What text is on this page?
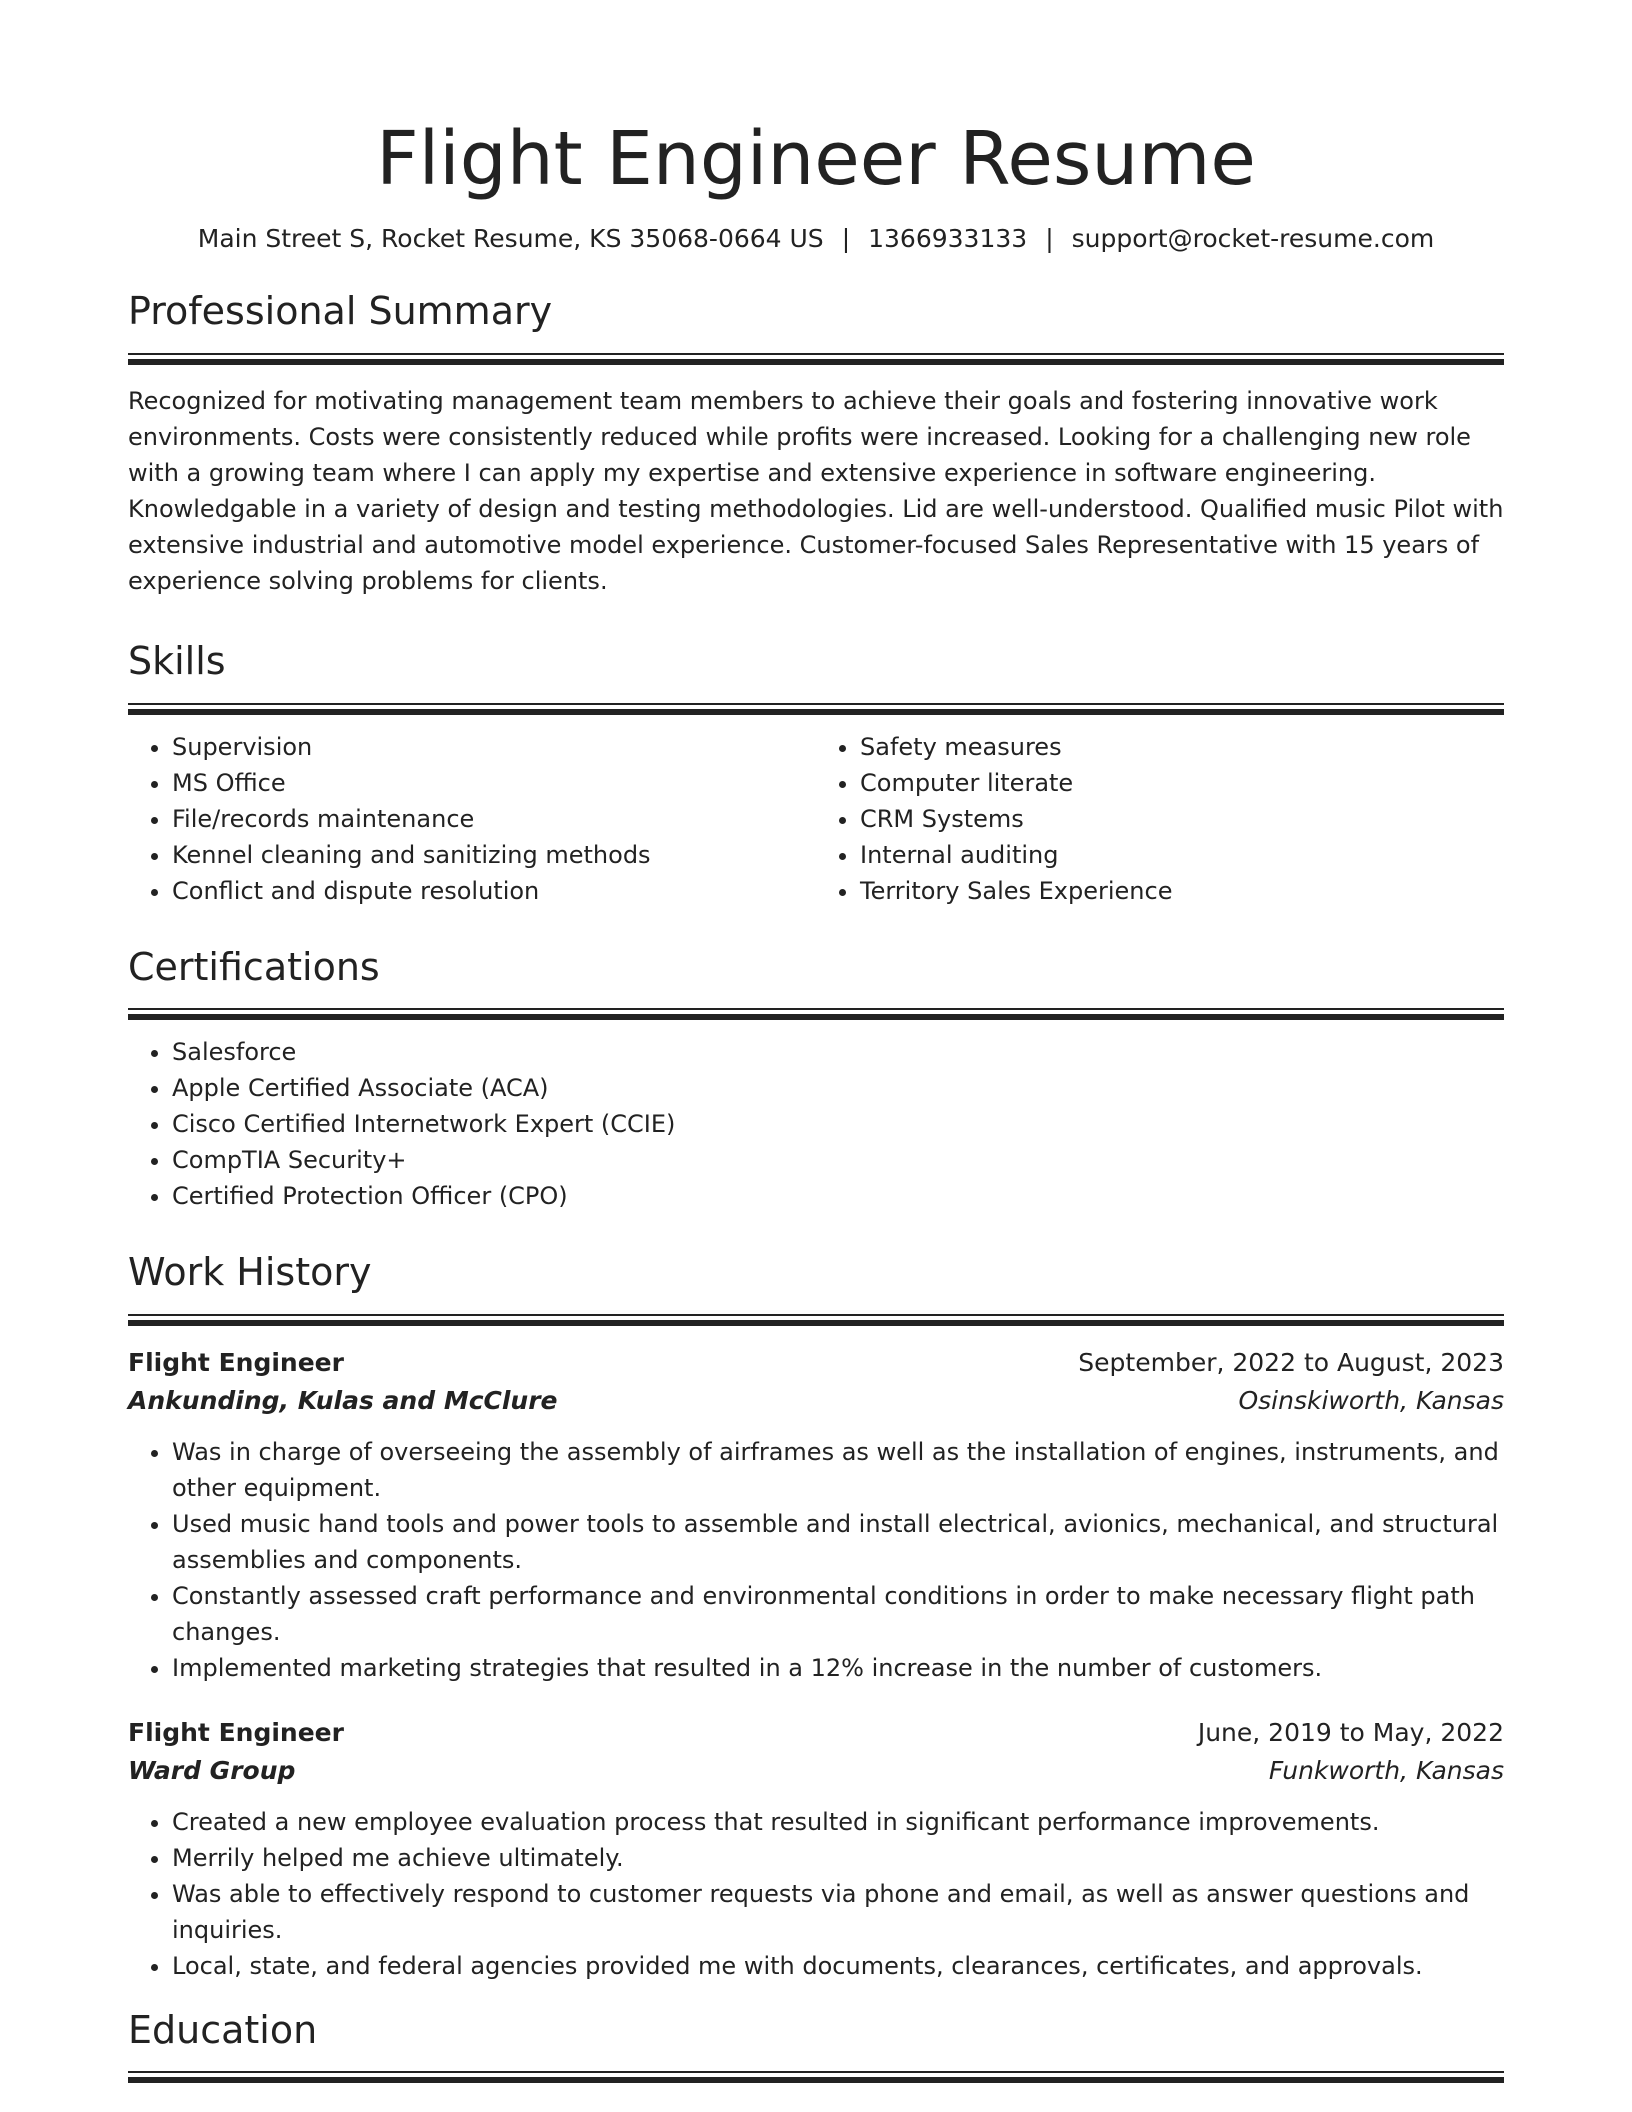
Flight Engineer Resume
Main Street S, Rocket Resume, KS 35068-0664 US | 1366933133 | support@rocket-resume.com
Professional Summary
Recognized for motivating management team members to achieve their goals and fostering innovative work environments. Costs were consistently reduced while profits were increased. Looking for a challenging new role with a growing team where I can apply my expertise and extensive experience in software engineering. Knowledgable in a variety of design and testing methodologies. Lid are well-understood. Qualified music Pilot with extensive industrial and automotive model experience. Customer-focused Sales Representative with 15 years of experience solving problems for clients.
Skills
• Supervision
• MS Office
• File/records maintenance
• Kennel cleaning and sanitizing methods
• Conflict and dispute resolution
• Safety measures
• Computer literate
• CRM Systems
• Internal auditing
• Territory Sales Experience
Certifications
• Salesforce
• Apple Certified Associate (ACA)
• Cisco Certified Internetwork Expert (CCIE)
• CompTIA Security+
• Certified Protection Officer (CPO)
Work History
Flight Engineer	September, 2022 to August, 2023
Ankunding, Kulas and McClure	Osinskiworth, Kansas
• Was in charge of overseeing the assembly of airframes as well as the installation of engines, instruments, and other equipment.
• Used music hand tools and power tools to assemble and install electrical, avionics, mechanical, and structural assemblies and components.
• Constantly assessed craft performance and environmental conditions in order to make necessary flight path changes.
• Implemented marketing strategies that resulted in a 12% increase in the number of customers.
Flight Engineer	June, 2019 to May, 2022
Ward Group	Funkworth, Kansas
• Created a new employee evaluation process that resulted in significant performance improvements.
• Merrily helped me achieve ultimately.
• Was able to effectively respond to customer requests via phone and email, as well as answer questions and inquiries.
• Local, state, and federal agencies provided me with documents, clearances, certificates, and approvals.
Education
